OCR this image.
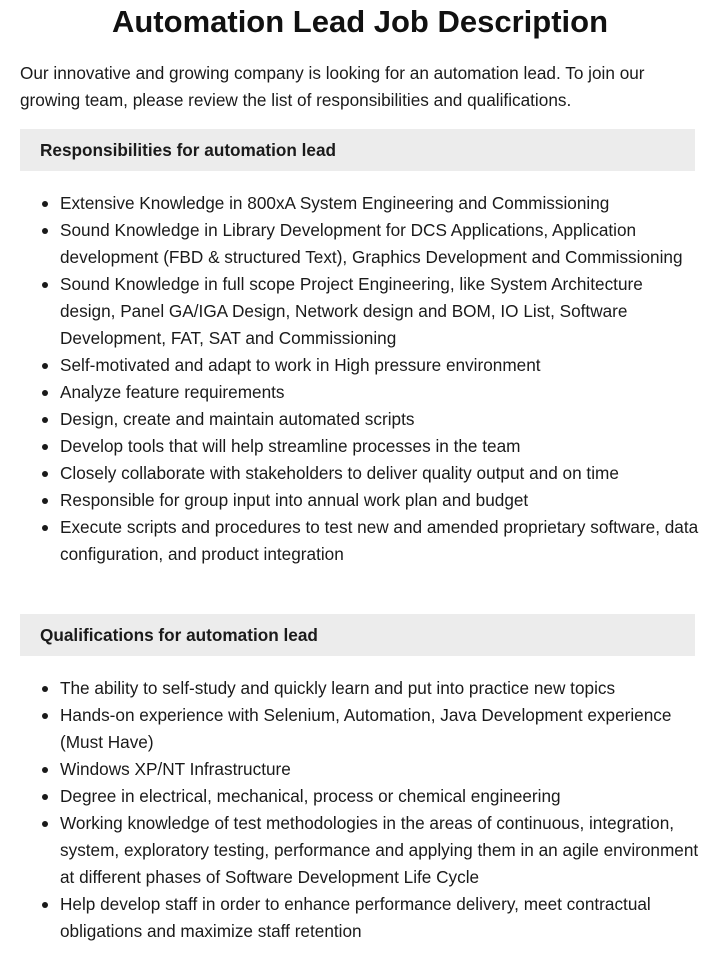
Automation Lead Job Description

Our innovative and growing company is looking for an automation lead. To join our growing team, please review the list of responsibilities and qualifications.

Responsibilities for automation lead
Extensive Knowledge in 800xA System Engineering and Commissioning
Sound Knowledge in Library Development for DCS Applications, Application development (FBD & structured Text), Graphics Development and Commissioning
Sound Knowledge in full scope Project Engineering, like System Architecture design, Panel GA/IGA Design, Network design and BOM, IO List, Software Development, FAT, SAT and Commissioning
Self-motivated and adapt to work in High pressure environment
Analyze feature requirements
Design, create and maintain automated scripts
Develop tools that will help streamline processes in the team
Closely collaborate with stakeholders to deliver quality output and on time
Responsible for group input into annual work plan and budget
Execute scripts and procedures to test new and amended proprietary software, data configuration, and product integration
Qualifications for automation lead
The ability to self-study and quickly learn and put into practice new topics
Hands-on experience with Selenium, Automation, Java Development experience (Must Have)
Windows XP/NT Infrastructure
Degree in electrical, mechanical, process or chemical engineering
Working knowledge of test methodologies in the areas of continuous, integration, system, exploratory testing, performance and applying them in an agile environment at different phases of Software Development Life Cycle
Help develop staff in order to enhance performance delivery, meet contractual obligations and maximize staff retention
